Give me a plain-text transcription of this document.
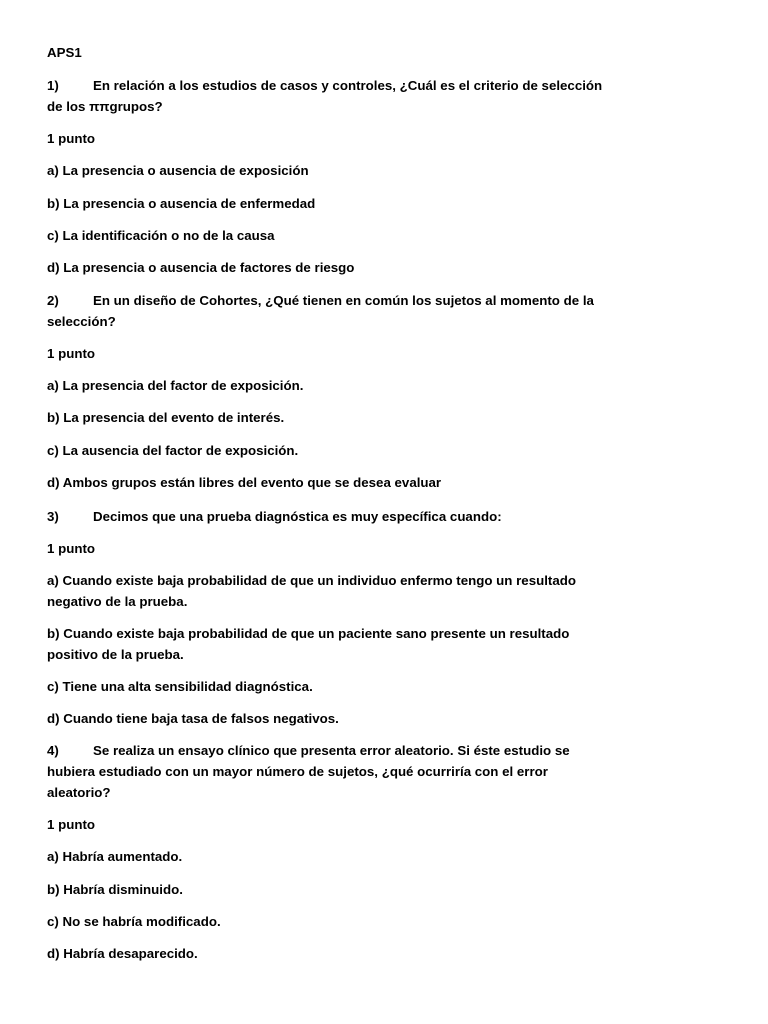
APS1

1)	En relación a los estudios de casos y controles, ¿Cuál es el criterio de selección

de los ππgrupos?

1 punto

a) La presencia o ausencia de exposición

b) La presencia o ausencia de enfermedad

c) La identificación o no de la causa

d) La presencia o ausencia de factores de riesgo

2)	En un diseño de Cohortes, ¿Qué tienen en común los sujetos al momento de la

selección?

1 punto

a) La presencia del factor de exposición.

b) La presencia del evento de interés.

c) La ausencia del factor de exposición.

d) Ambos grupos están libres del evento que se desea evaluar

3)	Decimos que una prueba diagnóstica es muy específica cuando:

1 punto

a) Cuando existe baja probabilidad de que un individuo enfermo tengo un resultado

negativo de la prueba.

b) Cuando existe baja probabilidad de que un paciente sano presente un resultado

positivo de la prueba.

c) Tiene una alta sensibilidad diagnóstica.

d) Cuando tiene baja tasa de falsos negativos.

4)	Se realiza un ensayo clínico que presenta error aleatorio. Si éste estudio se

hubiera estudiado con un mayor número de sujetos, ¿qué ocurriría con el error

aleatorio?

1 punto

a) Habría aumentado.

b) Habría disminuido.

c) No se habría modificado.

d) Habría desaparecido.
